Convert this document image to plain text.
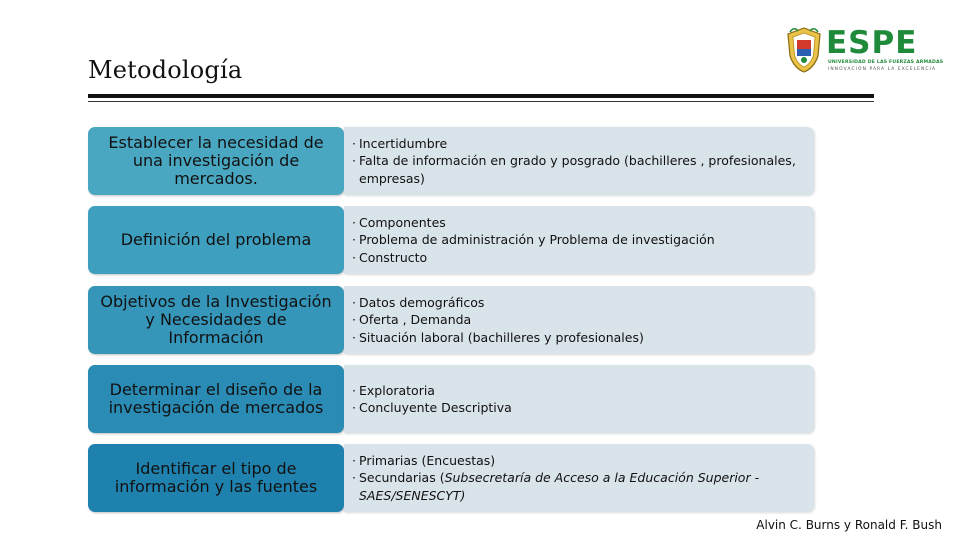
Metodología
ESPE
UNIVERSIDAD DE LAS FUERZAS ARMADAS
INNOVACIÓN PARA LA EXCELENCIA
Establecer la necesidad de una investigación de mercados.
· Incertidumbre
· Falta de información en grado y posgrado (bachilleres , profesionales, empresas)
Definición del problema
· Componentes
· Problema de administración y Problema de investigación
· Constructo
Objetivos de la Investigación y Necesidades de Información
· Datos demográficos
· Oferta , Demanda
· Situación laboral (bachilleres y profesionales)
Determinar el diseño de la investigación de mercados
· Exploratoria
· Concluyente Descriptiva
Identificar el tipo de información y las fuentes
· Primarias (Encuestas)
· Secundarias (Subsecretaría de Acceso a la Educación Superior - SAES/SENESCYT)
Alvin C. Burns y Ronald F. Bush
